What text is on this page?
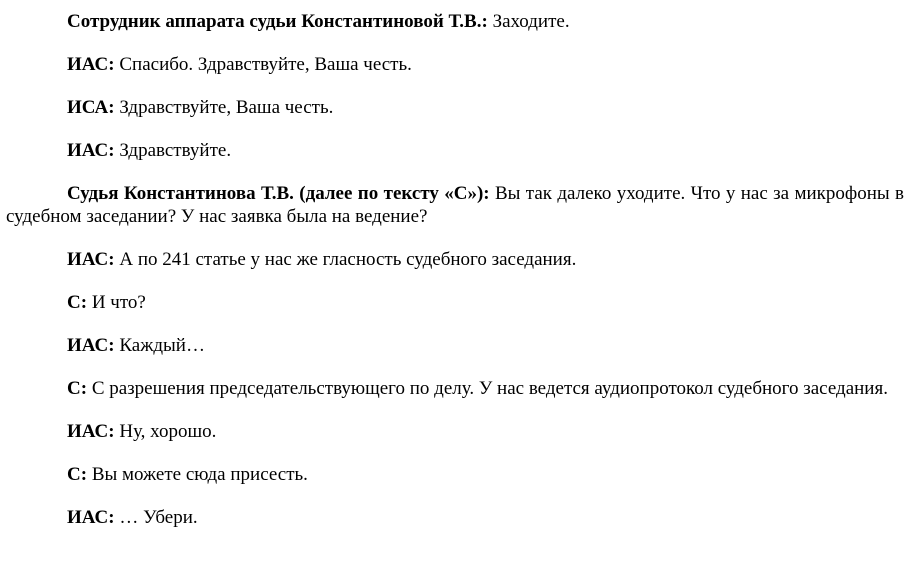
Сотрудник аппарата судьи Константиновой Т.В.: Заходите.

ИАС: Спасибо. Здравствуйте, Ваша честь.

ИСА: Здравствуйте, Ваша честь.

ИАС: Здравствуйте.

Судья Константинова Т.В. (далее по тексту «С»): Вы так далеко уходите. Что у нас за микрофоны в судебном заседании? У нас заявка была на ведение?

ИАС: А по 241 статье у нас же гласность судебного заседания.

С: И что?

ИАС: Каждый…

С: С разрешения председательствующего по делу. У нас ведется аудиопротокол судебного заседания.

ИАС: Ну, хорошо.

С: Вы можете сюда присесть.

ИАС: … Убери.
